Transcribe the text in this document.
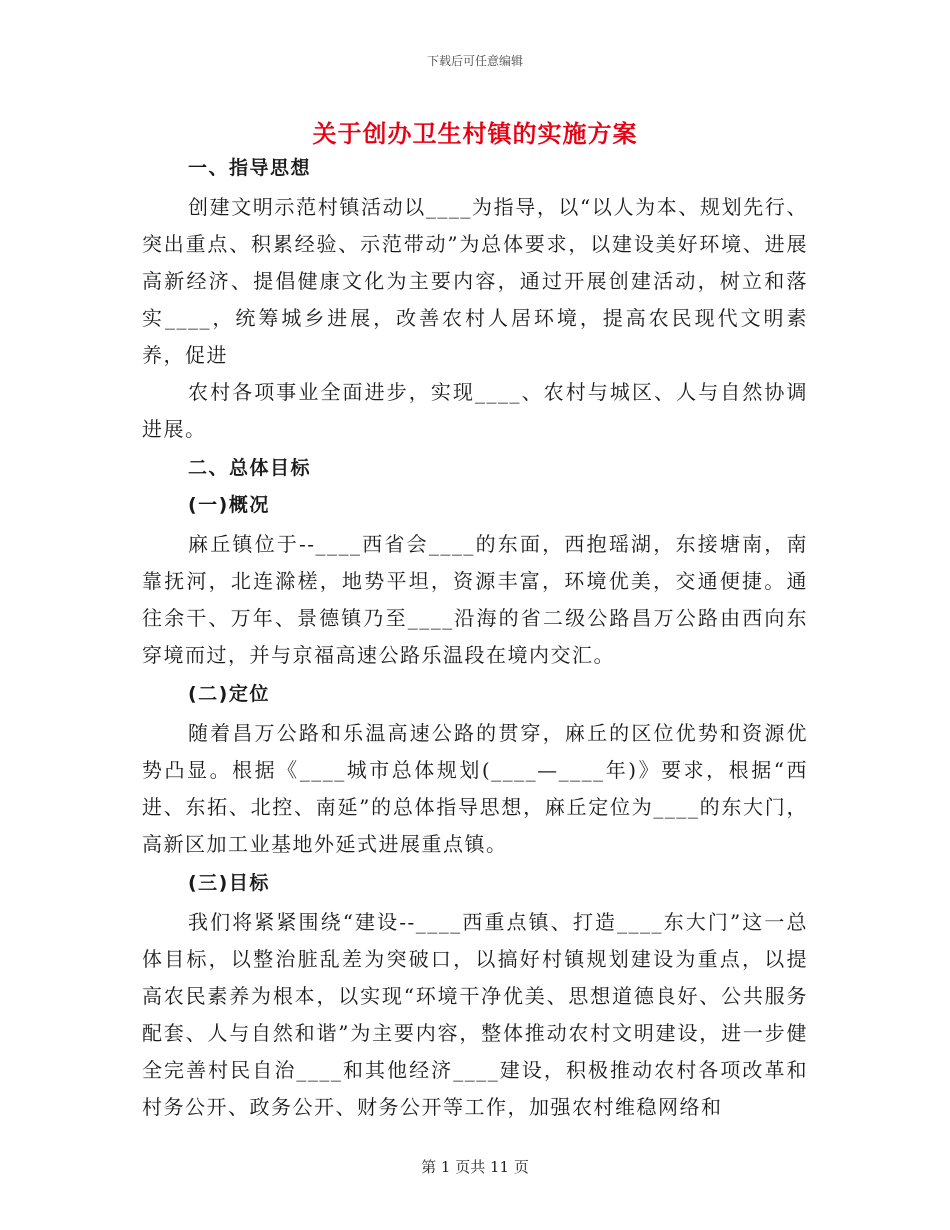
下载后可任意编辑
关于创办卫生村镇的实施方案
一、指导思想

创建文明示范村镇活动以____为指导，以“以人为本、规划先行、突出重点、积累经验、示范带动”为总体要求，以建设美好环境、进展高新经济、提倡健康文化为主要内容，通过开展创建活动，树立和落实____，统筹城乡进展，改善农村人居环境，提高农民现代文明素养，促进

农村各项事业全面进步，实现____、农村与城区、人与自然协调进展。

二、总体目标
(一)概况

麻丘镇位于--____西省会____的东面，西抱瑶湖，东接塘南，南靠抚河，北连滁槎，地势平坦，资源丰富，环境优美，交通便捷。通往余干、万年、景德镇乃至____沿海的省二级公路昌万公路由西向东穿境而过，并与京福高速公路乐温段在境内交汇。

(二)定位

随着昌万公路和乐温高速公路的贯穿，麻丘的区位优势和资源优势凸显。根据《____城市总体规划(____—____年)》要求，根据“西进、东拓、北控、南延”的总体指导思想，麻丘定位为____的东大门，高新区加工业基地外延式进展重点镇。

(三)目标

我们将紧紧围绕“建设--____西重点镇、打造____东大门”这一总体目标，以整治脏乱差为突破口，以搞好村镇规划建设为重点，以提高农民素养为根本，以实现“环境干净优美、思想道德良好、公共服务配套、人与自然和谐”为主要内容，整体推动农村文明建设，进一步健全完善村民自治____和其他经济____建设，积极推动农村各项改革和村务公开、政务公开、财务公开等工作，加强农村维稳网络和

第 1 页共 11 页
